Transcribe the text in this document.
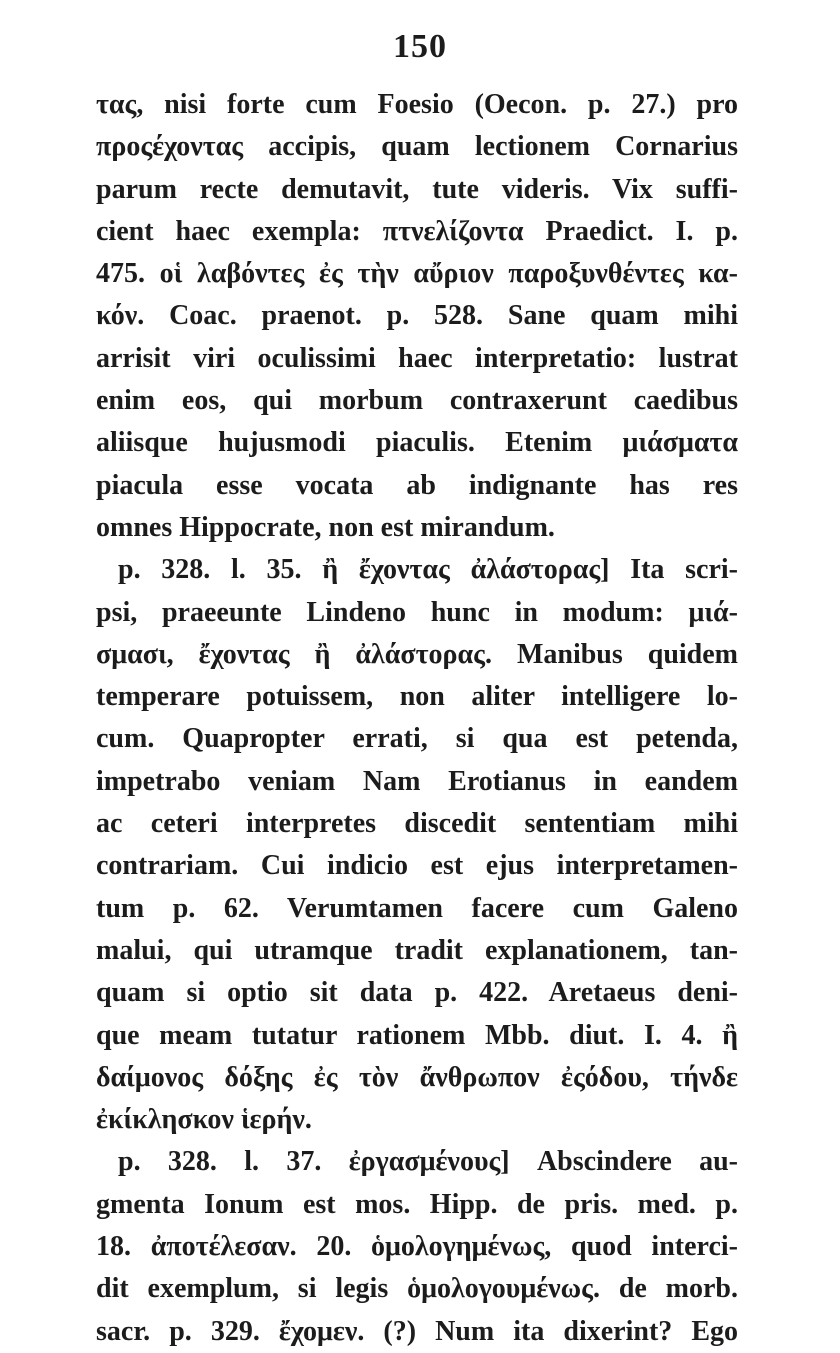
150
τας, nisi forte cum Foesio (Oecon. p. 27.) pro
προςέχοντας accipis, quam lectionem Cornarius
parum recte demutavit, tute videris. Vix suffi-
cient haec exempla: πτνελίζοντα Praedict. I. p.
475. οἱ λαβόντες ἐς τὴν αὔριον παροξυνθέντες κα-
κόν. Coac. praenot. p. 528. Sane quam mihi
arrisit viri oculissimi haec interpretatio: lustrat
enim eos, qui morbum contraxerunt caedibus
aliisque hujusmodi piaculis. Etenim μιάσματα
piacula esse vocata ab indignante has res
omnes Hippocrate, non est mirandum.
p. 328. l. 35. ἢ ἔχοντας ἀλάστορας] Ita scri-
psi, praeeunte Lindeno hunc in modum: μιά-
σμασι, ἔχοντας ἢ ἀλάστορας. Manibus quidem
temperare potuissem, non aliter intelligere lo-
cum. Quapropter errati, si qua est petenda,
impetrabo veniam Nam Erotianus in eandem
ac ceteri interpretes discedit sententiam mihi
contrariam. Cui indicio est ejus interpretamen-
tum p. 62. Verumtamen facere cum Galeno
malui, qui utramque tradit explanationem, tan-
quam si optio sit data p. 422. Aretaeus deni-
que meam tutatur rationem Mbb. diut. I. 4. ἢ
δαίμονος δόξης ἐς τὸν ἄνθρωπον ἐςόδου, τήνδε
ἐκίκλησκον ἱερήν.
p. 328. l. 37. ἐργασμένους] Abscindere au-
gmenta Ionum est mos. Hipp. de pris. med. p.
18. ἀποτέλεσαν. 20. ὁμολογημένως, quod interci-
dit exemplum, si legis ὁμολογουμένως. de morb.
sacr. p. 329. ἔχομεν. (?) Num ita dixerint? Ego
